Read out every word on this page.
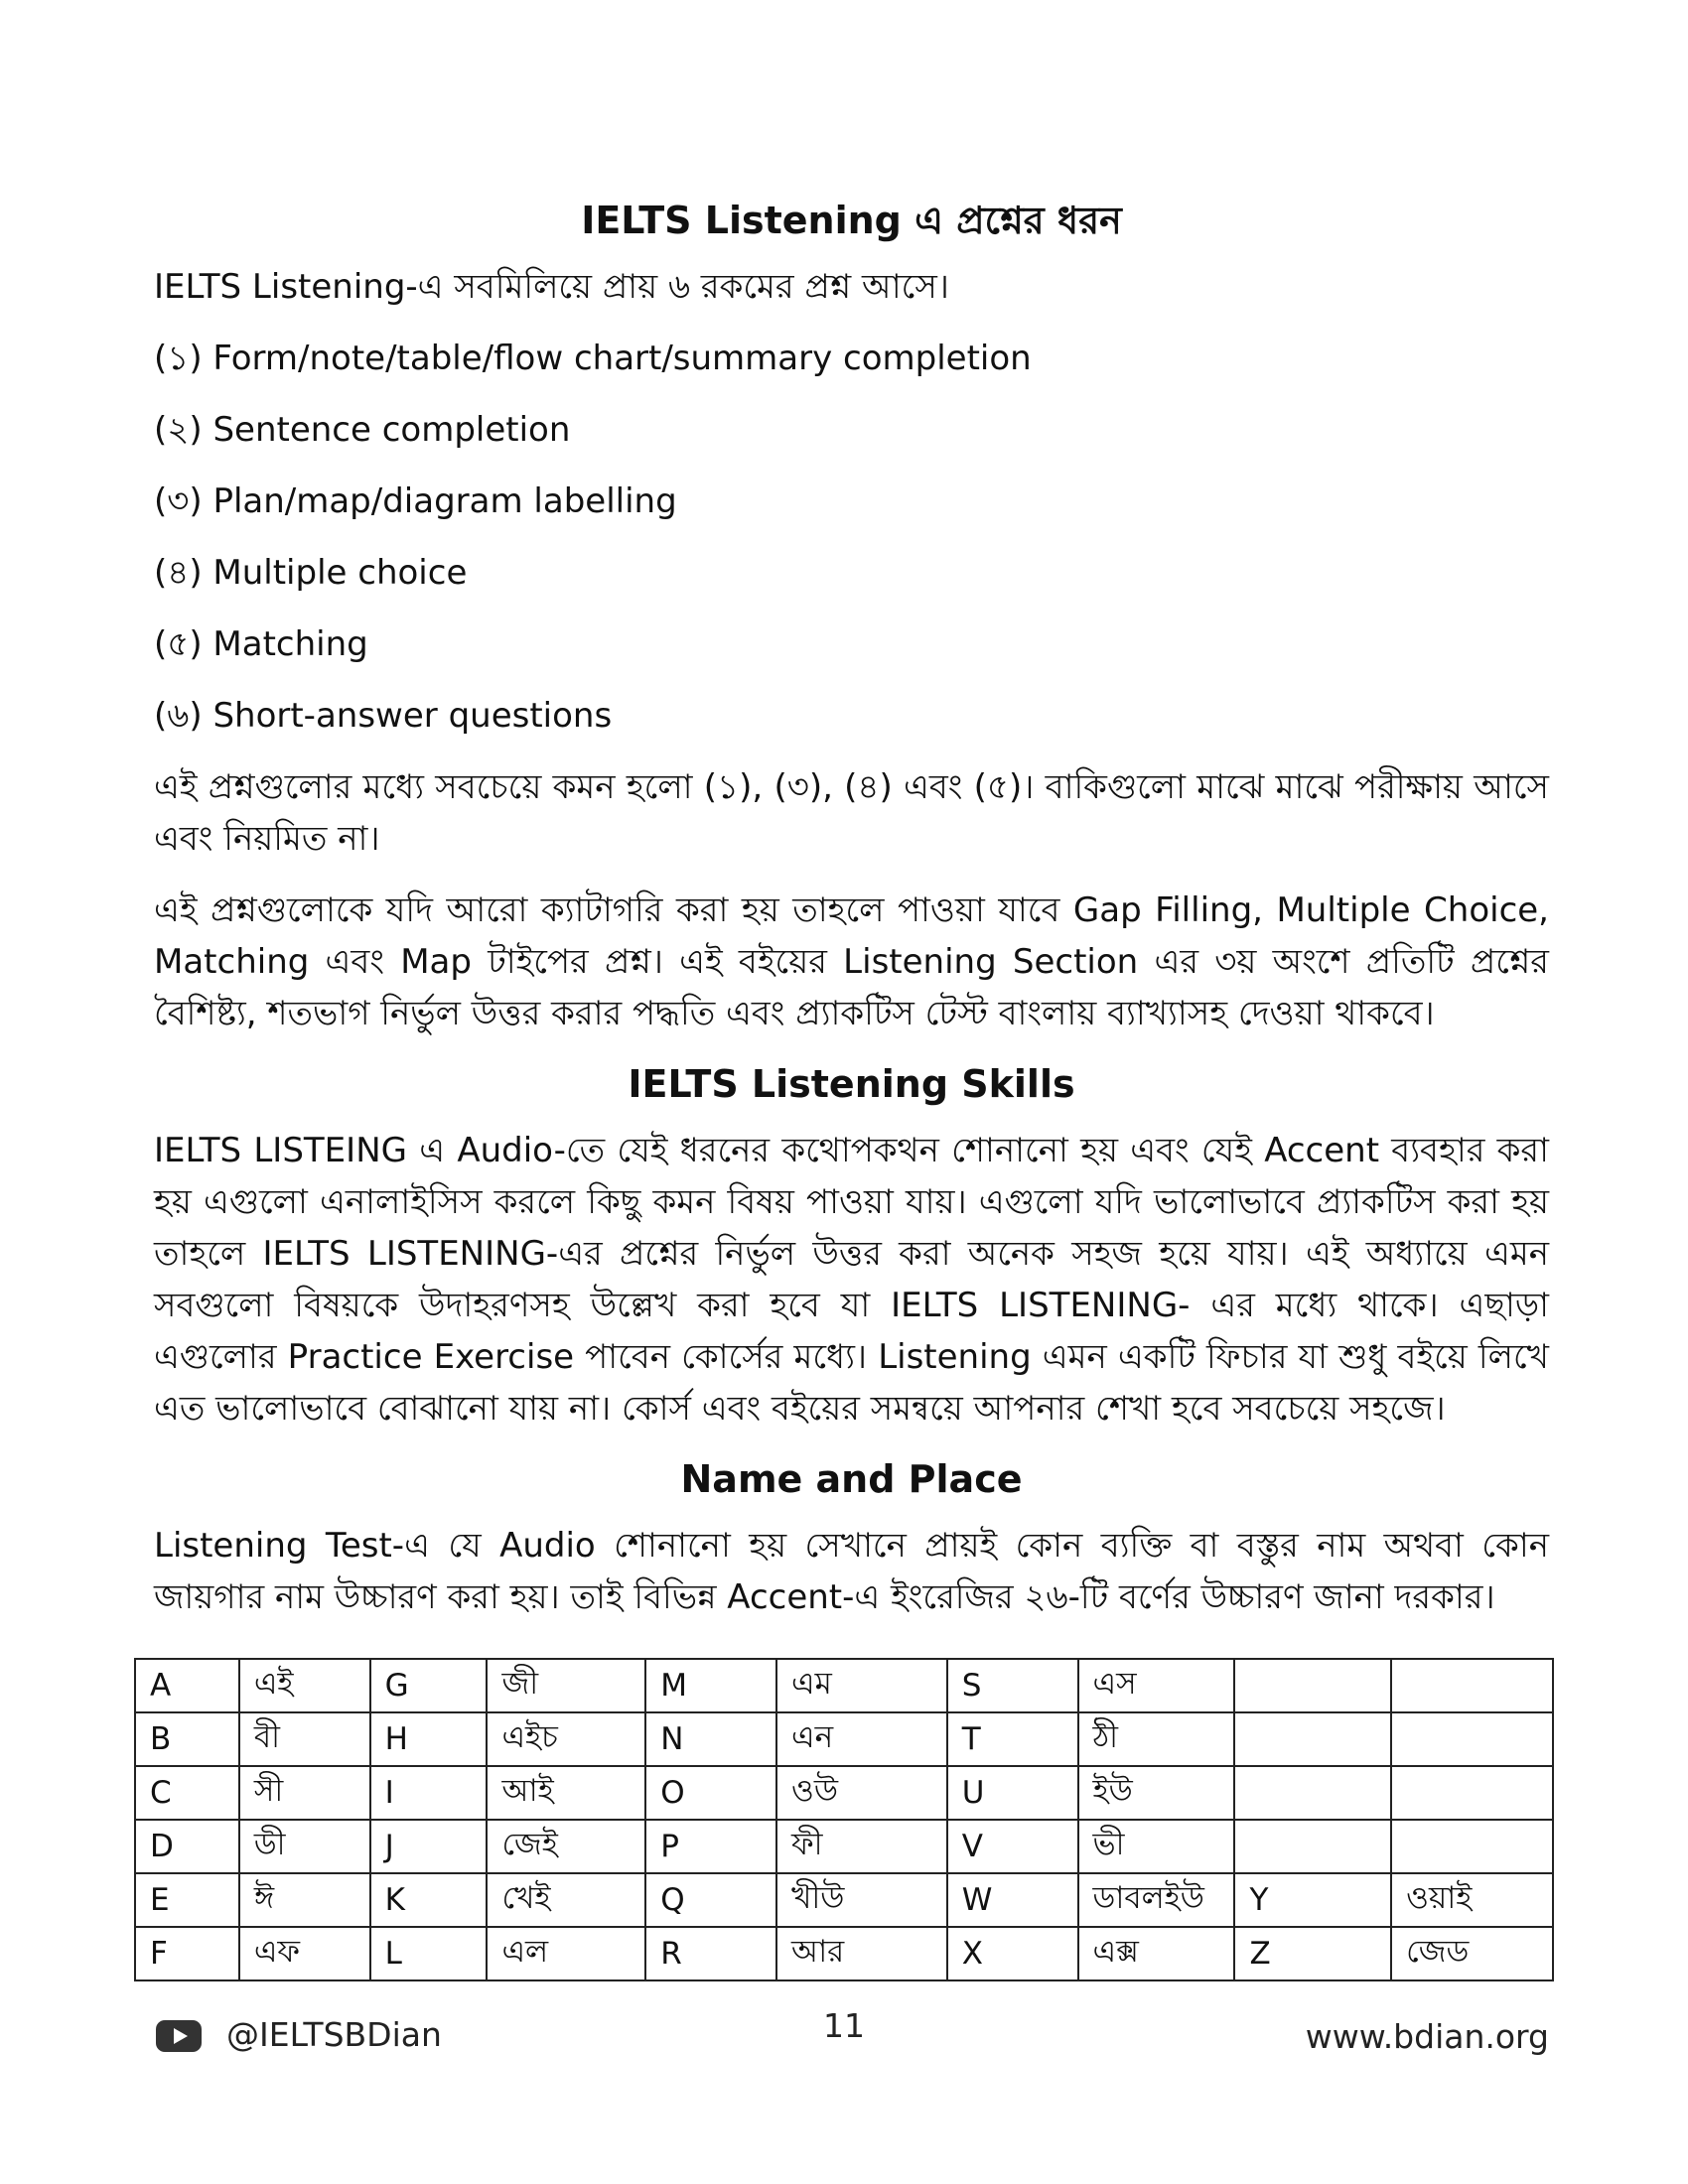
IELTS Listening এ প্রশ্নের ধরন

IELTS Listening-এ সবমিলিয়ে প্রায় ৬ রকমের প্রশ্ন আসে।

(১) Form/note/table/flow chart/summary completion

(২) Sentence completion

(৩) Plan/map/diagram labelling

(৪) Multiple choice

(৫) Matching

(৬) Short-answer questions

এই প্রশ্নগুলোর মধ্যে সবচেয়ে কমন হলো (১), (৩), (৪) এবং (৫)। বাকিগুলো মাঝে মাঝে পরীক্ষায় আসে এবং নিয়মিত না।

এই প্রশ্নগুলোকে যদি আরো ক্যাটাগরি করা হয় তাহলে পাওয়া যাবে Gap Filling, Multiple Choice, Matching এবং Map টাইপের প্রশ্ন। এই বইয়ের Listening Section এর ৩য় অংশে প্রতিটি প্রশ্নের বৈশিষ্ট্য, শতভাগ নির্ভুল উত্তর করার পদ্ধতি এবং প্র্যাকটিস টেস্ট বাংলায় ব্যাখ্যাসহ দেওয়া থাকবে।

IELTS Listening Skills

IELTS LISTEING এ Audio-তে যেই ধরনের কথোপকথন শোনানো হয় এবং যেই Accent ব্যবহার করা হয় এগুলো এনালাইসিস করলে কিছু কমন বিষয় পাওয়া যায়। এগুলো যদি ভালোভাবে প্র্যাকটিস করা হয় তাহলে IELTS LISTENING-এর প্রশ্নের নির্ভুল উত্তর করা অনেক সহজ হয়ে যায়। এই অধ্যায়ে এমন সবগুলো বিষয়কে উদাহরণসহ উল্লেখ করা হবে যা IELTS LISTENING- এর মধ্যে থাকে। এছাড়া এগুলোর Practice Exercise পাবেন কোর্সের মধ্যে। Listening এমন একটি ফিচার যা শুধু বইয়ে লিখে এত ভালোভাবে বোঝানো যায় না। কোর্স এবং বইয়ের সমন্বয়ে আপনার শেখা হবে সবচেয়ে সহজে।

Name and Place

Listening Test-এ যে Audio শোনানো হয় সেখানে প্রায়ই কোন ব্যক্তি বা বস্তুর নাম অথবা কোন জায়গার নাম উচ্চারণ করা হয়। তাই বিভিন্ন Accent-এ ইংরেজির ২৬-টি বর্ণের উচ্চারণ জানা দরকার।

A	এই	G	জী	M	এম	S	এস		
B	বী	H	এইচ	N	এন	T	ঠী		
C	সী	I	আই	O	ওউ	U	ইউ		
D	ডী	J	জেই	P	ফী	V	ভী		
E	ঈ	K	খেই	Q	খীউ	W	ডাবলইউ	Y	ওয়াই
F	এফ	L	এল	R	আর	X	এক্স	Z	জেড
@IELTSBDian	11	www.bdian.org
